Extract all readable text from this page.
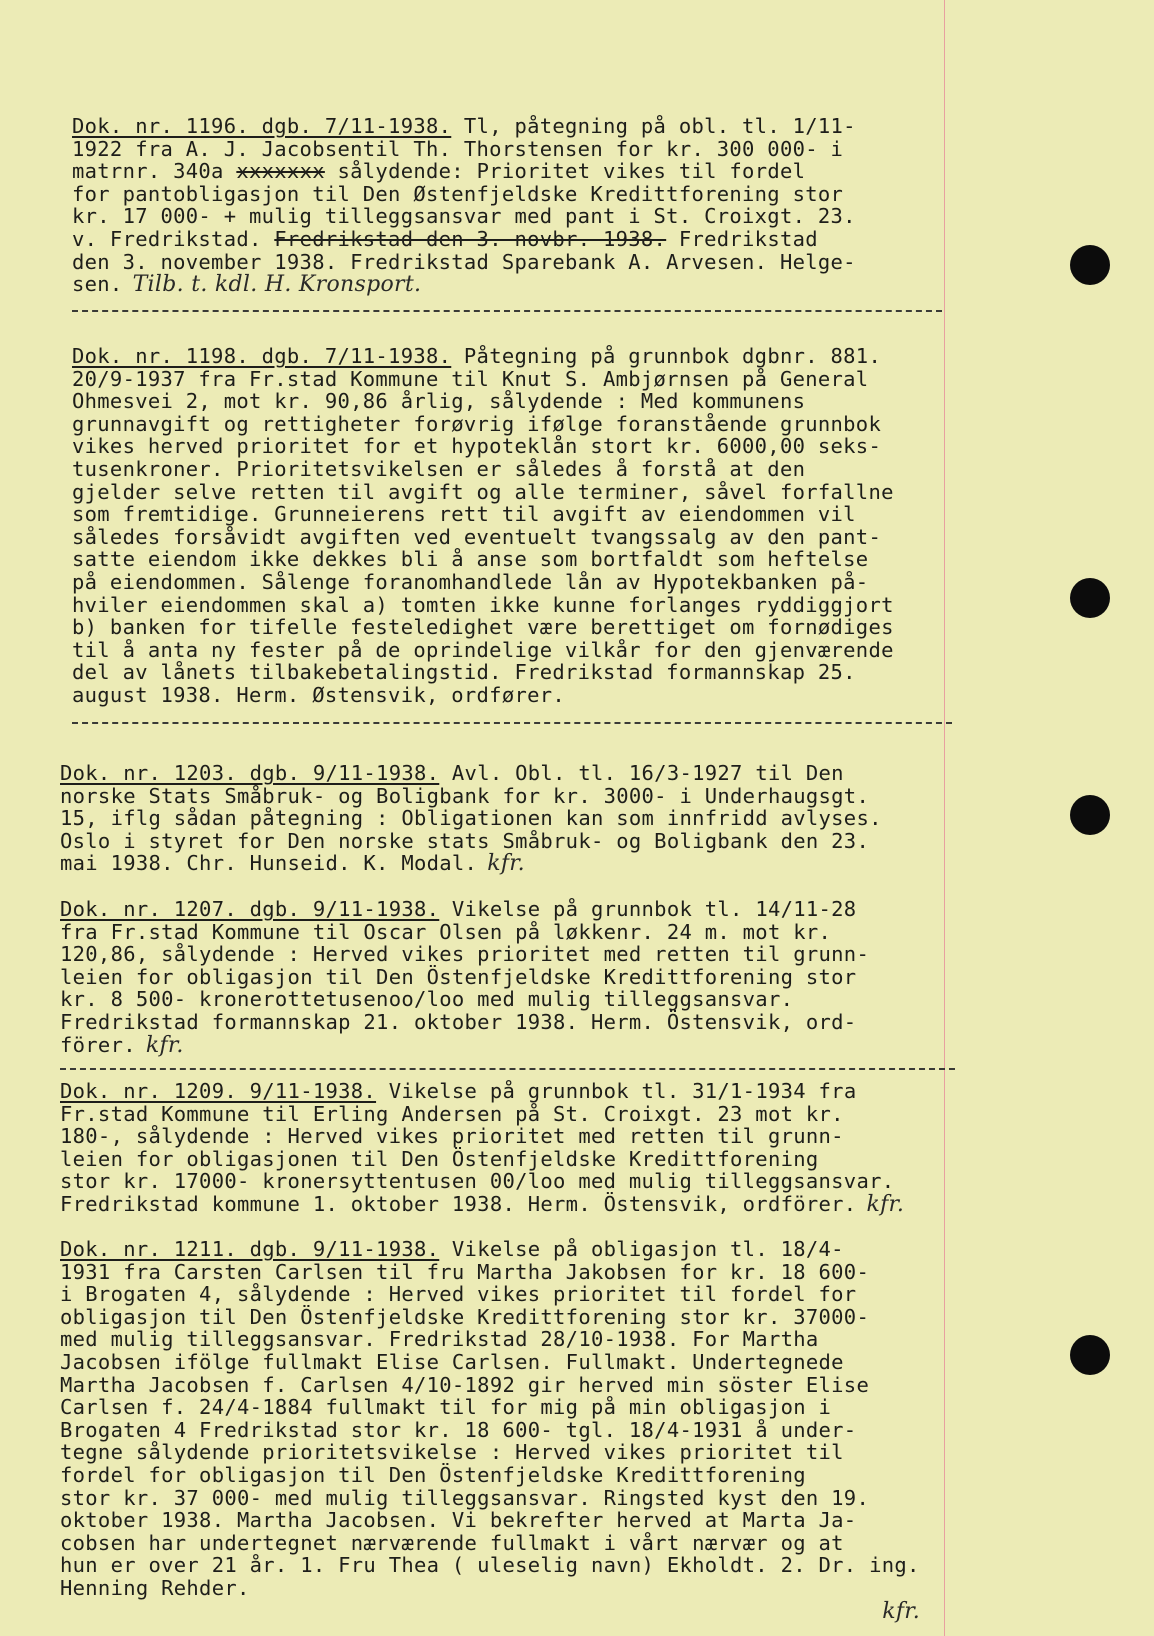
Dok. nr. 1196. dgb. 7/11-1938. Tl, påtegning på obl. tl. 1/11-
1922 fra A. J. Jacobsentil Th. Thorstensen for kr. 300 000- i
matrnr. 340a xxxxxxx sålydende: Prioritet vikes til fordel
for pantobligasjon til Den Østenfjeldske Kredittforening stor
kr. 17 000- + mulig tilleggsansvar med pant i St. Croixgt. 23.
v. Fredrikstad. Fredrikstad den 3. novbr. 1938. Fredrikstad
den 3. november 1938. Fredrikstad Sparebank A. Arvesen. Helge-
sen. Tilb. t. kdl. H. Kronsport.
Dok. nr. 1198. dgb. 7/11-1938. Påtegning på grunnbok dgbnr. 881.
20/9-1937 fra Fr.stad Kommune til Knut S. Ambjørnsen på General
Ohmesvei 2, mot kr. 90,86 årlig, sålydende : Med kommunens
grunnavgift og rettigheter forøvrig ifølge foranstående grunnbok
vikes herved prioritet for et hypoteklån stort kr. 6000,00 seks-
tusenkroner. Prioritetsvikelsen er således å forstå at den
gjelder selve retten til avgift og alle terminer, såvel forfallne
som fremtidige. Grunneierens rett til avgift av eiendommen vil
således forsåvidt avgiften ved eventuelt tvangssalg av den pant-
satte eiendom ikke dekkes bli å anse som bortfaldt som heftelse
på eiendommen. Sålenge foranomhandlede lån av Hypotekbanken på-
hviler eiendommen skal a) tomten ikke kunne forlanges ryddiggjort
b) banken for tifelle festeledighet være berettiget om fornødiges
til å anta ny fester på de oprindelige vilkår for den gjenværende
del av lånets tilbakebetalingstid. Fredrikstad formannskap 25.
august 1938. Herm. Østensvik, ordfører.
Dok. nr. 1203. dgb. 9/11-1938. Avl. Obl. tl. 16/3-1927 til Den
norske Stats Småbruk- og Boligbank for kr. 3000- i Underhaugsgt.
15, iflg sådan påtegning : Obligationen kan som innfridd avlyses.
Oslo i styret for Den norske stats Småbruk- og Boligbank den 23.
mai 1938. Chr. Hunseid. K. Modal. kfr.
Dok. nr. 1207. dgb. 9/11-1938. Vikelse på grunnbok tl. 14/11-28
fra Fr.stad Kommune til Oscar Olsen på løkkenr. 24 m. mot kr.
120,86, sålydende : Herved vikes prioritet med retten til grunn-
leien for obligasjon til Den Östenfjeldske Kredittforening stor
kr. 8 500- kronerottetusenoo/loo med mulig tilleggsansvar.
Fredrikstad formannskap 21. oktober 1938. Herm. Östensvik, ord-
förer. kfr.
Dok. nr. 1209. 9/11-1938. Vikelse på grunnbok tl. 31/1-1934 fra
Fr.stad Kommune til Erling Andersen på St. Croixgt. 23 mot kr.
180-, sålydende : Herved vikes prioritet med retten til grunn-
leien for obligasjonen til Den Östenfjeldske Kredittforening
stor kr. 17000- kronersyttentusen 00/loo med mulig tilleggsansvar.
Fredrikstad kommune 1. oktober 1938. Herm. Östensvik, ordförer. kfr.
Dok. nr. 1211. dgb. 9/11-1938. Vikelse på obligasjon tl. 18/4-
1931 fra Carsten Carlsen til fru Martha Jakobsen for kr. 18 600-
i Brogaten 4, sålydende : Herved vikes prioritet til fordel for
obligasjon til Den Östenfjeldske Kredittforening stor kr. 37000-
med mulig tilleggsansvar. Fredrikstad 28/10-1938. For Martha
Jacobsen ifölge fullmakt Elise Carlsen. Fullmakt. Undertegnede
Martha Jacobsen f. Carlsen 4/10-1892 gir herved min söster Elise
Carlsen f. 24/4-1884 fullmakt til for mig på min obligasjon i
Brogaten 4 Fredrikstad stor kr. 18 600- tgl. 18/4-1931 å under-
tegne sålydende prioritetsvikelse : Herved vikes prioritet til
fordel for obligasjon til Den Östenfjeldske Kredittforening
stor kr. 37 000- med mulig tilleggsansvar. Ringsted kyst den 19.
oktober 1938. Martha Jacobsen. Vi bekrefter herved at Marta Ja-
cobsen har undertegnet nærværende fullmakt i vårt nærvær og at
hun er over 21 år. 1. Fru Thea ( uleselig navn) Ekholdt. 2. Dr. ing.
Henning Rehder.
kfr.
